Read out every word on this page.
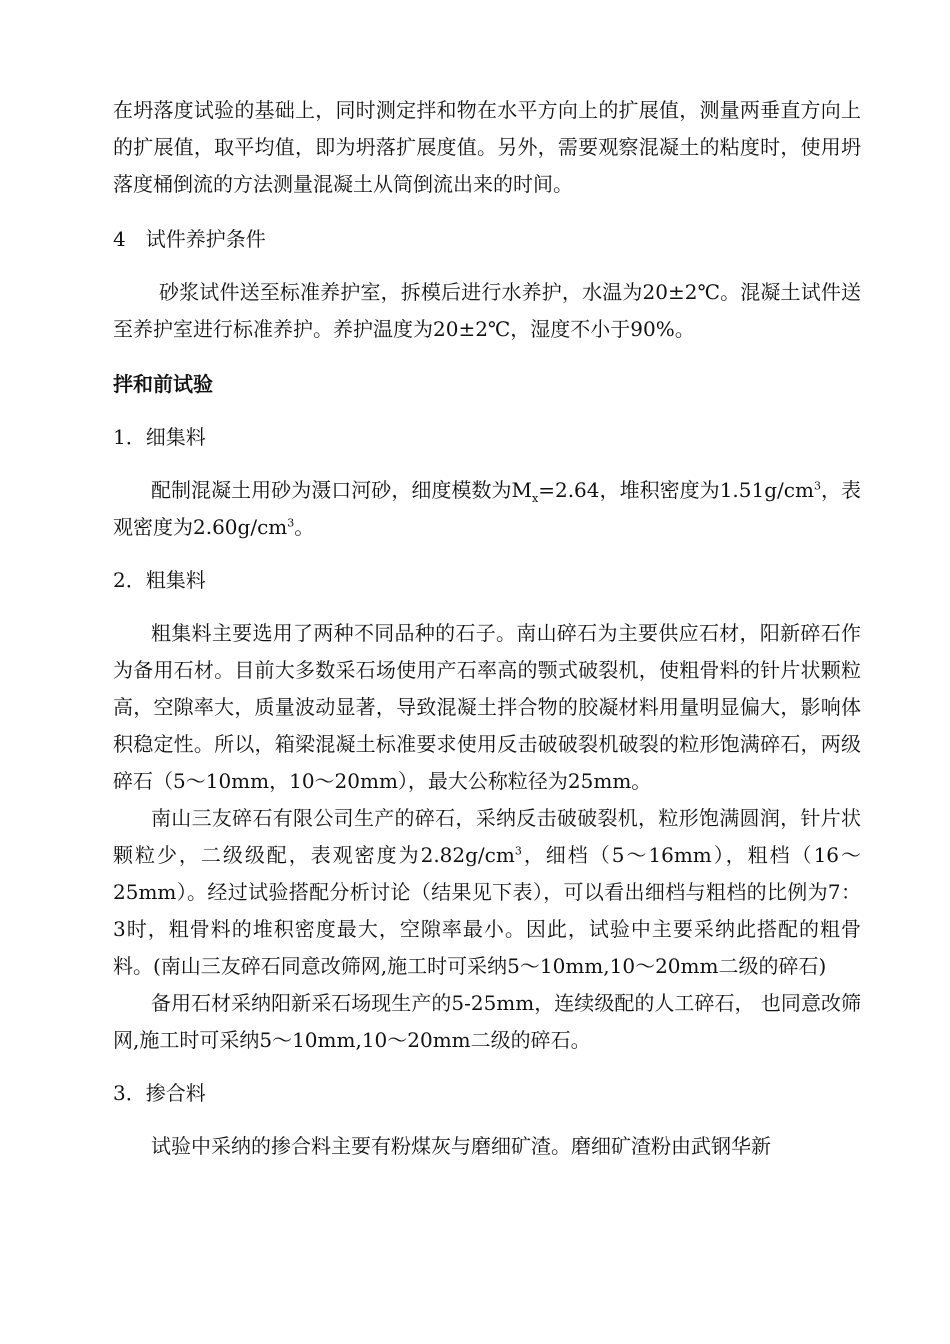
在坍落度试验的基础上，同时测定拌和物在水平方向上的扩展值，测量两垂直方向上的扩展值，取平均值，即为坍落扩展度值。另外，需要观察混凝土的粘度时，使用坍落度桶倒流的方法测量混凝土从筒倒流出来的时间。

4　试件养护条件

砂浆试件送至标准养护室，拆模后进行水养护，水温为20±2℃。混凝土试件送至养护室进行标准养护。养护温度为20±2℃，湿度不小于90%。

拌和前试验

1．细集料

配制混凝土用砂为滠口河砂，细度模数为$M_x=2.64$，堆积密度为$1.51g/cm^3$，表观密度为$2.60g/cm^3$。

2．粗集料

粗集料主要选用了两种不同品种的石子。南山碎石为主要供应石材，阳新碎石作为备用石材。目前大多数采石场使用产石率高的颚式破裂机，使粗骨料的针片状颗粒高，空隙率大，质量波动显著，导致混凝土拌合物的胶凝材料用量明显偏大，影响体积稳定性。所以，箱梁混凝土标准要求使用反击破破裂机破裂的粒形饱满碎石，两级碎石（5～10mm，10～20mm），最大公称粒径为25mm。

南山三友碎石有限公司生产的碎石，采纳反击破破裂机，粒形饱满圆润，针片状颗粒少，二级级配，表观密度为$2.82g/cm^3$，细档（5～16mm），粗档（16～25mm）。经过试验搭配分析讨论（结果见下表），可以看出细档与粗档的比例为7：3时，粗骨料的堆积密度最大，空隙率最小。因此，试验中主要采纳此搭配的粗骨料。(南山三友碎石同意改筛网,施工时可采纳5～10mm,10～20mm二级的碎石)

备用石材采纳阳新采石场现生产的5-25mm，连续级配的人工碎石， 也同意改筛网,施工时可采纳5～10mm,10～20mm二级的碎石。

3．掺合料

试验中采纳的掺合料主要有粉煤灰与磨细矿渣。磨细矿渣粉由武钢华新
